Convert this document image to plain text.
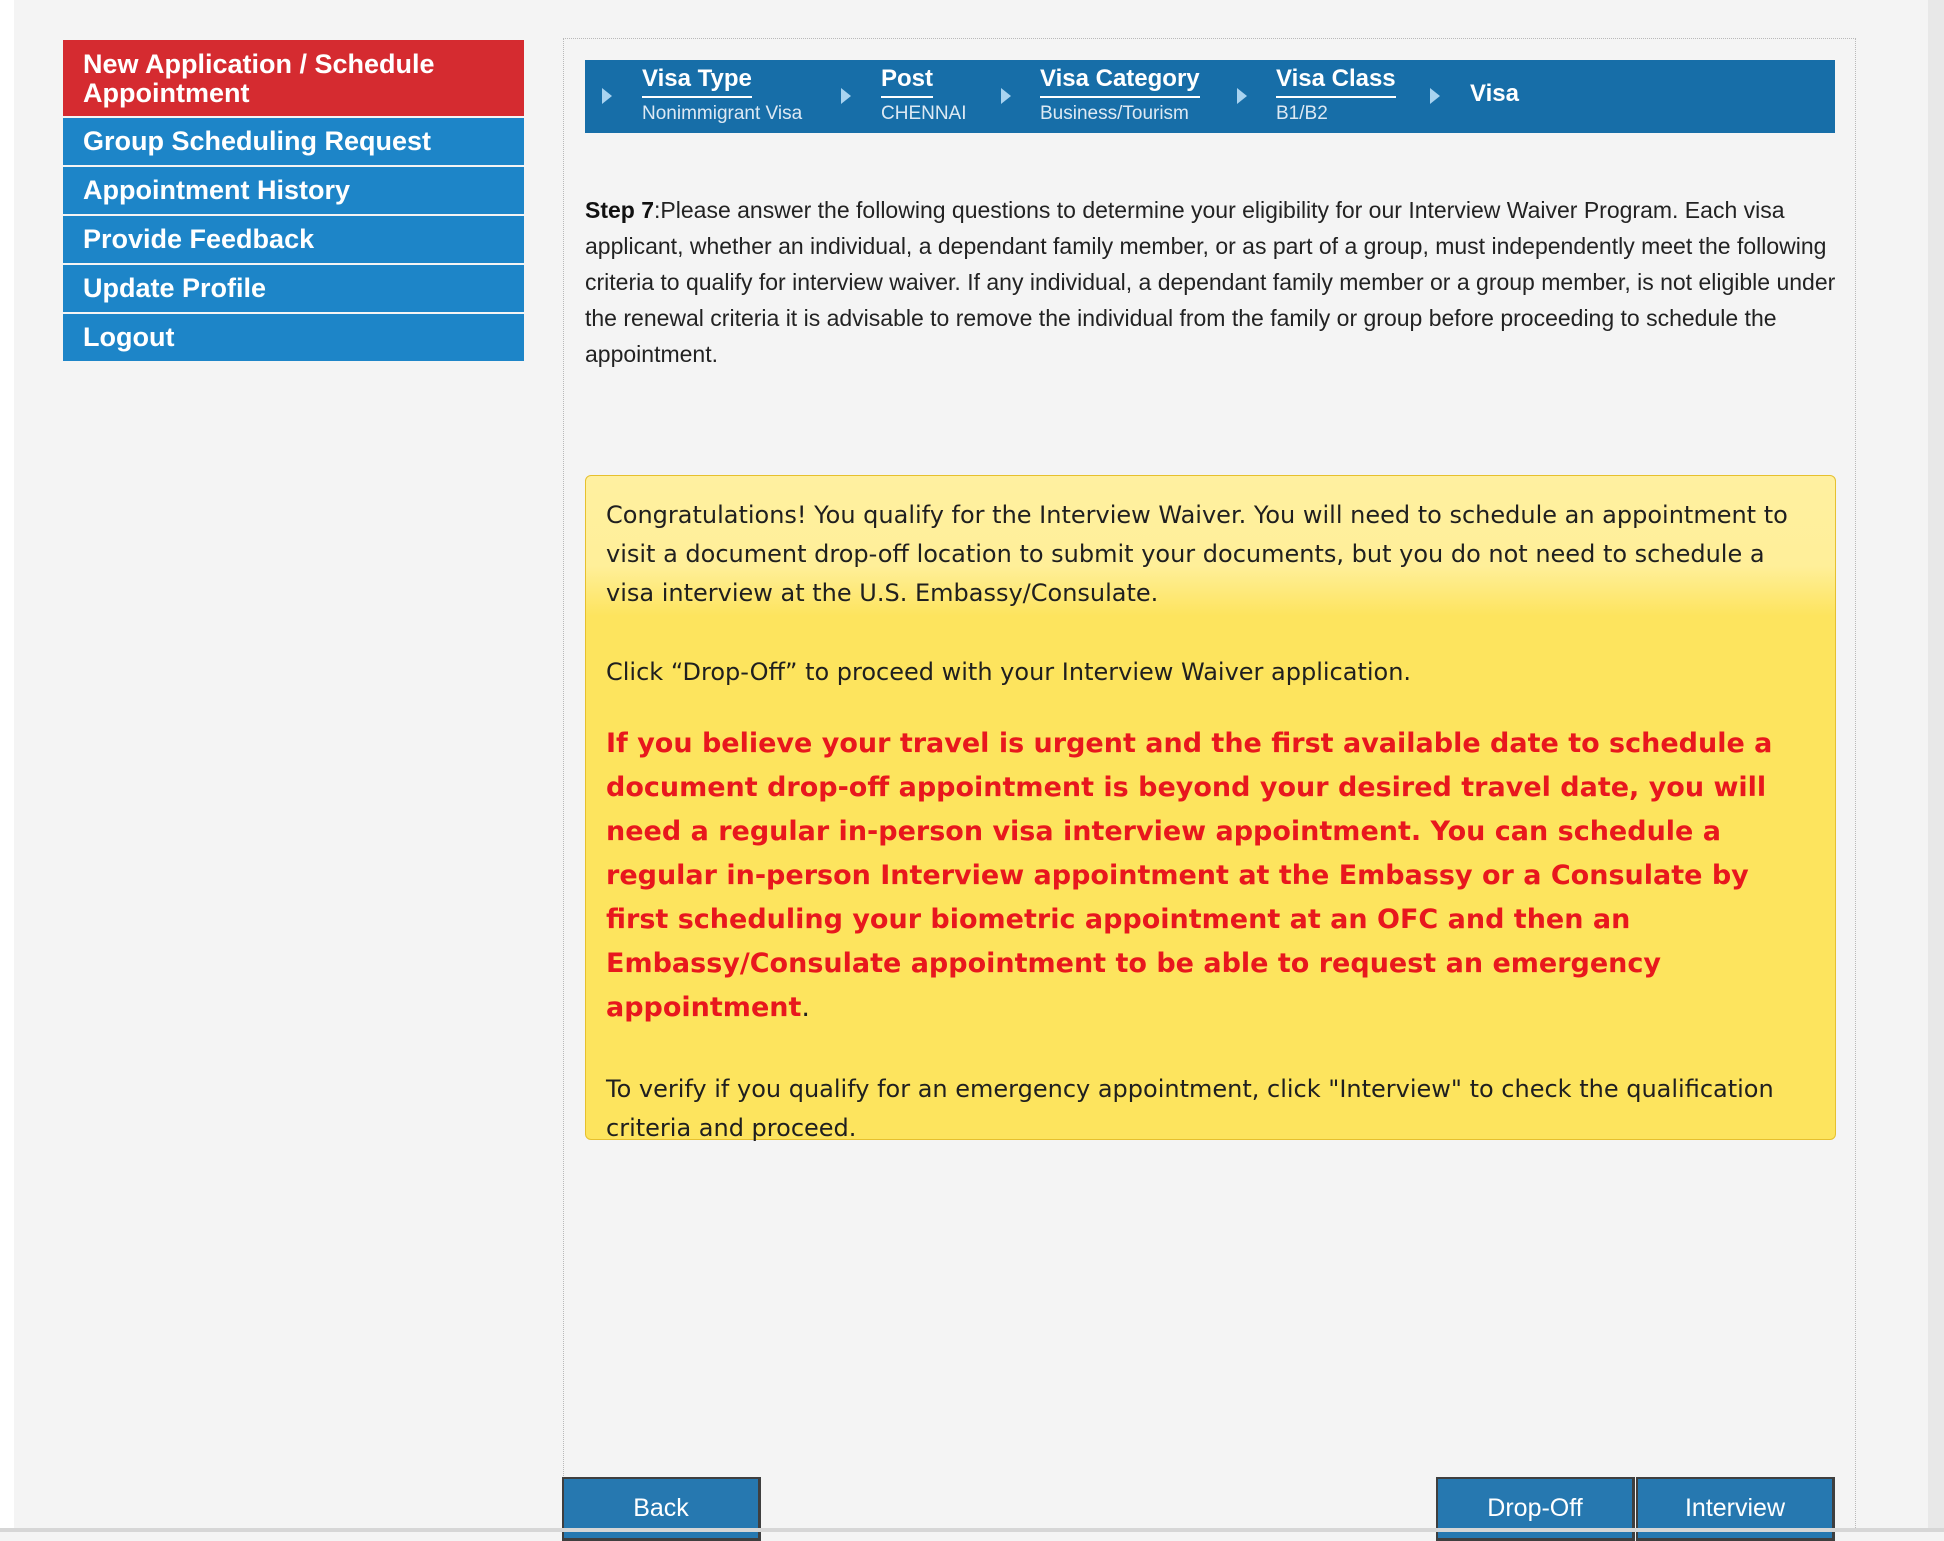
New Application / Schedule Appointment
Group Scheduling Request
Appointment History
Provide Feedback
Update Profile
Logout
Visa Type
Nonimmigrant Visa
Post
CHENNAI
Visa Category
Business/Tourism
Visa Class
B1/B2
Visa
Step 7:Please answer the following questions to determine your eligibility for our Interview Waiver Program. Each visa applicant, whether an individual, a dependant family member, or as part of a group, must independently meet the following criteria to qualify for interview waiver. If any individual, a dependant family member or a group member, is not eligible under the renewal criteria it is advisable to remove the individual from the family or group before proceeding to schedule the appointment.

Congratulations! You qualify for the Interview Waiver. You will need to schedule an appointment to visit a document drop-off location to submit your documents, but you do not need to schedule a visa interview at the U.S. Embassy/Consulate.

Click “Drop-Off” to proceed with your Interview Waiver application.

If you believe your travel is urgent and the first available date to schedule a document drop-off appointment is beyond your desired travel date, you will need a regular in-person visa interview appointment. You can schedule a regular in-person Interview appointment at the Embassy or a Consulate by first scheduling your biometric appointment at an OFC and then an Embassy/Consulate appointment to be able to request an emergency appointment.

To verify if you qualify for an emergency appointment, click "Interview" to check the qualification criteria and proceed.

Back	Drop-Off	Interview
